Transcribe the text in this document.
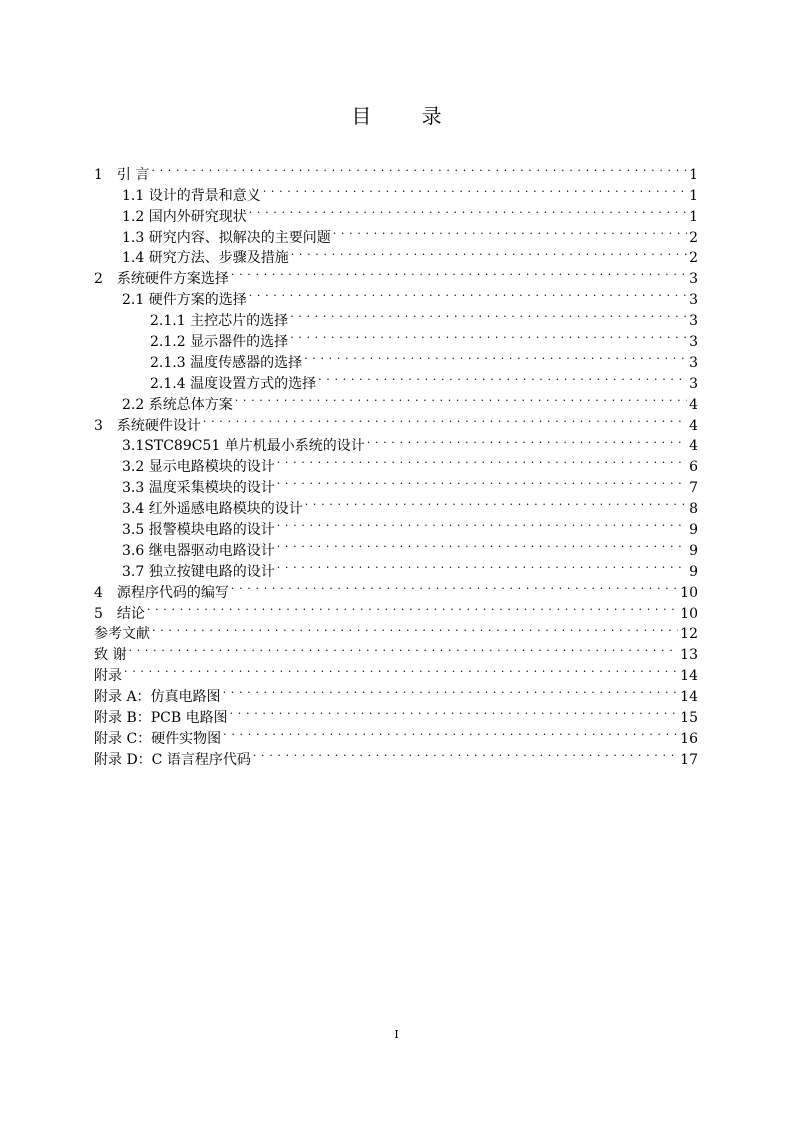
目 录
1 引 言 . . .	1
1.1 设计的背景和意义 . . .	1
1.2 国内外研究现状 . . .	1
1.3 研究内容、拟解决的主要问题 . . .	2
1.4 研究方法、步骤及措施 . . .	2
2 系统硬件方案选择 . . .	3
2.1 硬件方案的选择 . . .	3
2.1.1 主控芯片的选择 . . .	3
2.1.2 显示器件的选择 . . .	3
2.1.3 温度传感器的选择 . . .	3
2.1.4 温度设置方式的选择 . . .	3
2.2 系统总体方案 . . .	4
3 系统硬件设计 . . .	4
3.1STC89C51 单片机最小系统的设计 . . .	4
3.2 显示电路模块的设计 . . .	6
3.3 温度采集模块的设计 . . .	7
3.4 红外遥感电路模块的设计 . . .	8
3.5 报警模块电路的设计 . . .	9
3.6 继电器驱动电路设计 . . .	9
3.7 独立按键电路的设计 . . .	9
4 源程序代码的编写 . . .	10
5 结论 . . .	10
参考文献 . . .	12
致 谢 . . .	13
附录 . . .	14
附录 A：仿真电路图 . . .	14
附录 B：PCB 电路图 . . .	15
附录 C：硬件实物图 . . .	16
附录 D：C 语言程序代码 . . .	17
I
